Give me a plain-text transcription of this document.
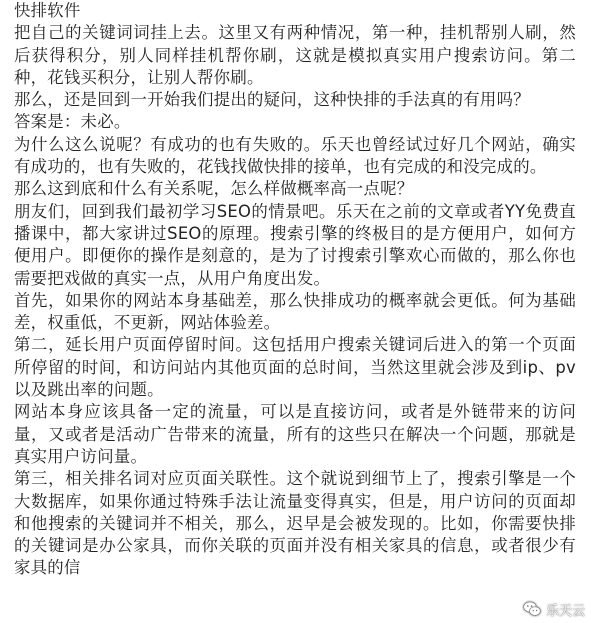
快排软件

把自己的关键词词挂上去。这里又有两种情况，第一种，挂机帮别人刷，然后获得积分，别人同样挂机帮你刷，这就是模拟真实用户搜索访问。第二种，花钱买积分，让别人帮你刷。

那么，还是回到一开始我们提出的疑问，这种快排的手法真的有用吗？

答案是：未必。

为什么这么说呢？有成功的也有失败的。乐天也曾经试过好几个网站，确实有成功的，也有失败的，花钱找做快排的接单，也有完成的和没完成的。

那么这到底和什么有关系呢，怎么样做概率高一点呢？

朋友们，回到我们最初学习SEO的情景吧。乐天在之前的文章或者YY免费直播课中，都大家讲过SEO的原理。搜索引擎的终极目的是方便用户，如何方便用户。即便你的操作是刻意的，是为了讨搜索引擎欢心而做的，那么你也需要把戏做的真实一点，从用户角度出发。

首先，如果你的网站本身基础差，那么快排成功的概率就会更低。何为基础差，权重低，不更新，网站体验差。

第二，延长用户页面停留时间。这包括用户搜索关键词后进入的第一个页面所停留的时间，和访问站内其他页面的总时间，当然这里就会涉及到ip、pv以及跳出率的问题。

网站本身应该具备一定的流量，可以是直接访问，或者是外链带来的访问量，又或者是活动广告带来的流量，所有的这些只在解决一个问题，那就是真实用户访问量。

第三，相关排名词对应页面关联性。这个就说到细节上了，搜索引擎是一个大数据库，如果你通过特殊手法让流量变得真实，但是，用户访问的页面却和他搜索的关键词并不相关，那么，迟早是会被发现的。比如，你需要快排的关键词是办公家具，而你关联的页面并没有相关家具的信息，或者很少有家具的信

乐天云
